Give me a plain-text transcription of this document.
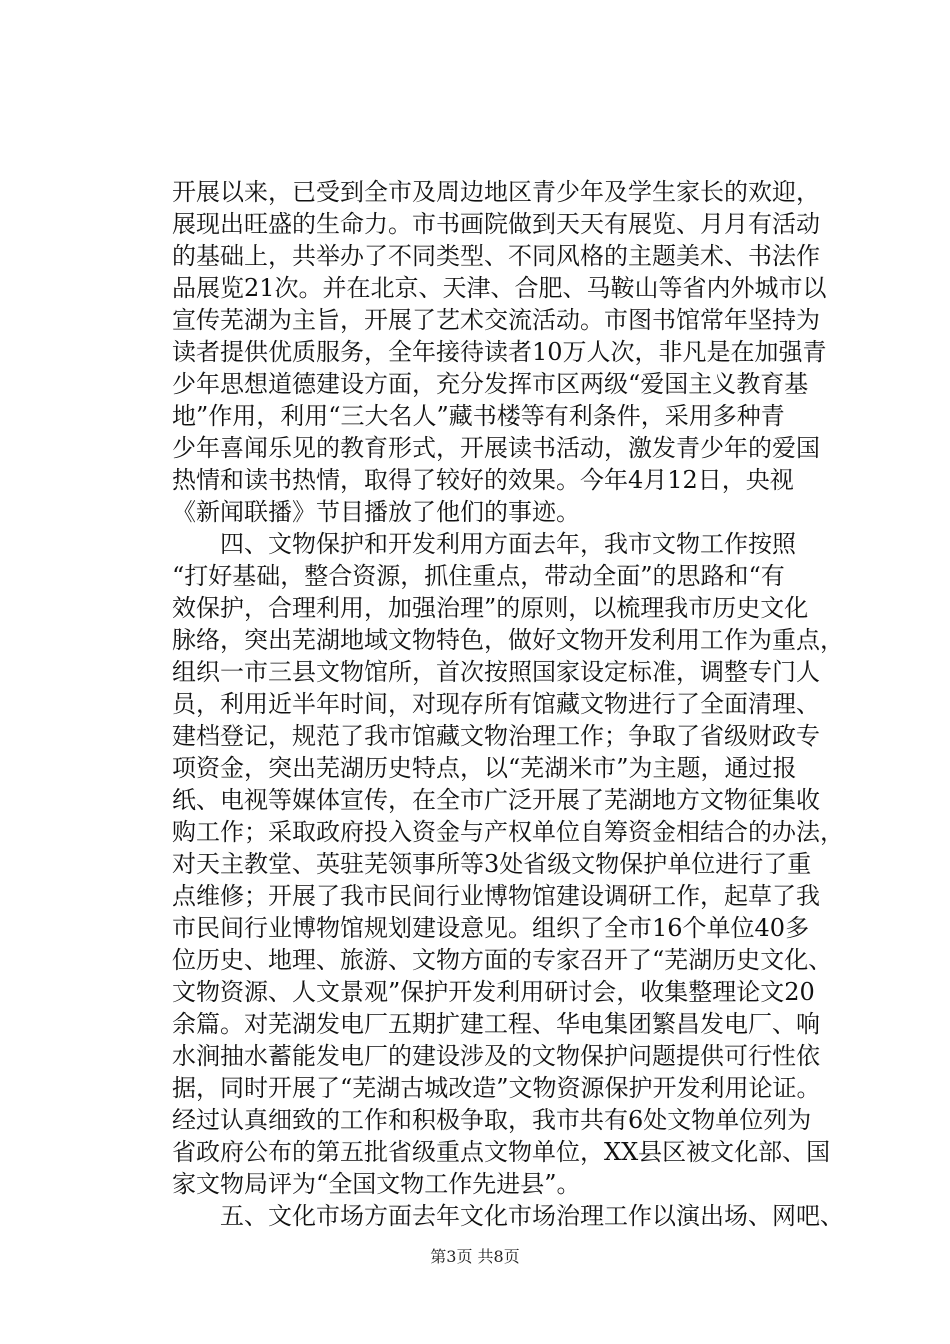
开展以来，已受到全市及周边地区青少年及学生家长的欢迎，
展现出旺盛的生命力。市书画院做到天天有展览、月月有活动
的基础上，共举办了不同类型、不同风格的主题美术、书法作
品展览21次。并在北京、天津、合肥、马鞍山等省内外城市以
宣传芜湖为主旨，开展了艺术交流活动。市图书馆常年坚持为
读者提供优质服务，全年接待读者10万人次，非凡是在加强青
少年思想道德建设方面，充分发挥市区两级“爱国主义教育基
地”作用，利用“三大名人”藏书楼等有利条件，采用多种青
少年喜闻乐见的教育形式，开展读书活动，激发青少年的爱国
热情和读书热情，取得了较好的效果。今年4月12日，央视
《新闻联播》节目播放了他们的事迹。
　　四、文物保护和开发利用方面去年，我市文物工作按照
“打好基础，整合资源，抓住重点，带动全面”的思路和“有
效保护，合理利用，加强治理”的原则，以梳理我市历史文化
脉络，突出芜湖地域文物特色，做好文物开发利用工作为重点，
组织一市三县文物馆所，首次按照国家设定标准，调整专门人
员，利用近半年时间，对现存所有馆藏文物进行了全面清理、
建档登记，规范了我市馆藏文物治理工作；争取了省级财政专
项资金，突出芜湖历史特点，以“芜湖米市”为主题，通过报
纸、电视等媒体宣传，在全市广泛开展了芜湖地方文物征集收
购工作；采取政府投入资金与产权单位自筹资金相结合的办法，
对天主教堂、英驻芜领事所等3处省级文物保护单位进行了重
点维修；开展了我市民间行业博物馆建设调研工作，起草了我
市民间行业博物馆规划建设意见。组织了全市16个单位40多
位历史、地理、旅游、文物方面的专家召开了“芜湖历史文化、
文物资源、人文景观”保护开发利用研讨会，收集整理论文20
余篇。对芜湖发电厂五期扩建工程、华电集团繁昌发电厂、响
水涧抽水蓄能发电厂的建设涉及的文物保护问题提供可行性依
据，同时开展了“芜湖古城改造”文物资源保护开发利用论证。
经过认真细致的工作和积极争取，我市共有6处文物单位列为
省政府公布的第五批省级重点文物单位，XX县区被文化部、国
家文物局评为“全国文物工作先进县”。
　　五、文化市场方面去年文化市场治理工作以演出场、网吧、
第3页 共8页
